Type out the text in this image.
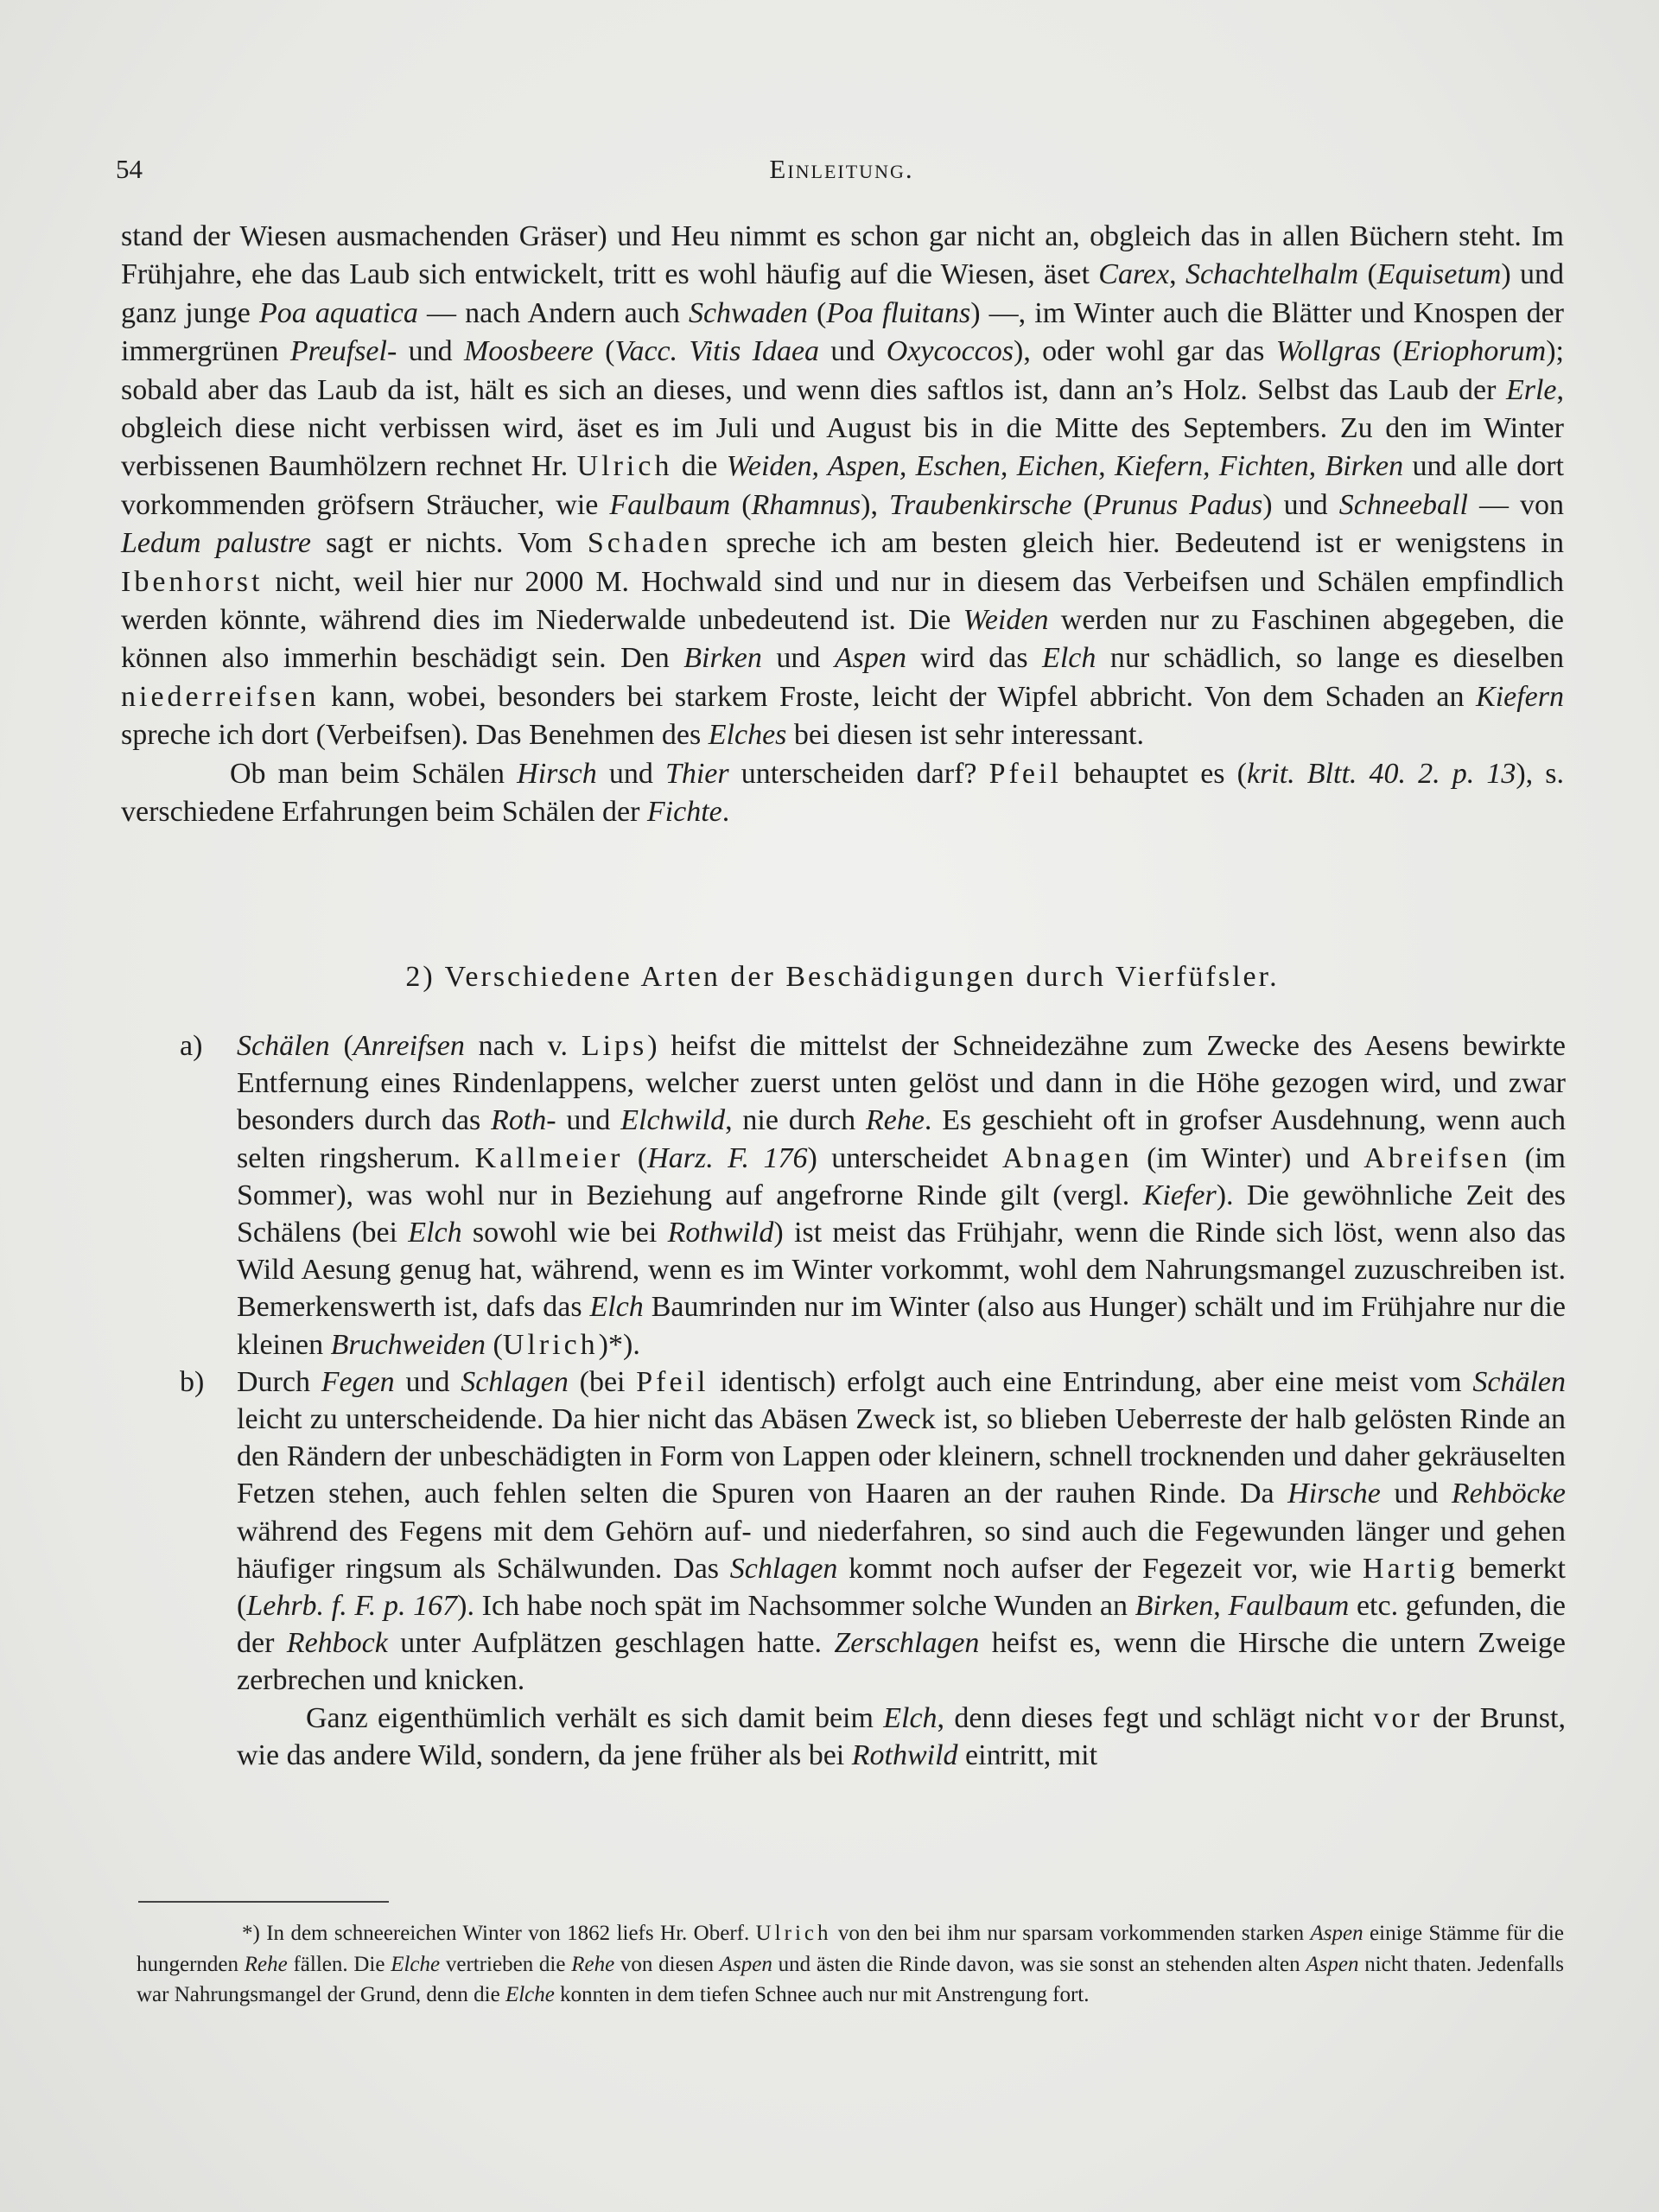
54	Einleitung.

stand der Wiesen ausmachenden Gräser) und Heu nimmt es schon gar nicht an, obgleich das in allen Büchern steht. Im Frühjahre, ehe das Laub sich entwickelt, tritt es wohl häufig auf die Wiesen, äset Carex, Schachtelhalm (Equisetum) und ganz junge Poa aquatica — nach Andern auch Schwaden (Poa fluitans) —, im Winter auch die Blätter und Knospen der immergrünen Preufsel- und Moosbeere (Vacc. Vitis Idaea und Oxycoccos), oder wohl gar das Wollgras (Eriophorum); sobald aber das Laub da ist, hält es sich an dieses, und wenn dies saftlos ist, dann an’s Holz. Selbst das Laub der Erle, obgleich diese nicht verbissen wird, äset es im Juli und August bis in die Mitte des Septembers. Zu den im Winter verbissenen Baumhölzern rechnet Hr. Ulrich die Weiden, Aspen, Eschen, Eichen, Kiefern, Fichten, Birken und alle dort vorkommenden gröfsern Sträucher, wie Faulbaum (Rhamnus), Traubenkirsche (Prunus Padus) und Schneeball — von Ledum palustre sagt er nichts. Vom Schaden spreche ich am besten gleich hier. Bedeutend ist er wenigstens in Ibenhorst nicht, weil hier nur 2000 M. Hochwald sind und nur in diesem das Verbeifsen und Schälen empfindlich werden könnte, während dies im Niederwalde unbedeutend ist. Die Weiden werden nur zu Faschinen abgegeben, die können also immerhin beschädigt sein. Den Birken und Aspen wird das Elch nur schädlich, so lange es dieselben niederreifsen kann, wobei, besonders bei starkem Froste, leicht der Wipfel abbricht. Von dem Schaden an Kiefern spreche ich dort (Verbeifsen). Das Benehmen des Elches bei diesen ist sehr interessant.

Ob man beim Schälen Hirsch und Thier unterscheiden darf? Pfeil behauptet es (krit. Bltt. 40. 2. p. 13), s. verschiedene Erfahrungen beim Schälen der Fichte.

2) Verschiedene Arten der Beschädigungen durch Vierfüfsler.
a) Schälen (Anreifsen nach v. Lips) heifst die mittelst der Schneidezähne zum Zwecke des Aesens bewirkte Entfernung eines Rindenlappens, welcher zuerst unten gelöst und dann in die Höhe gezogen wird, und zwar besonders durch das Roth- und Elchwild, nie durch Rehe. Es geschieht oft in grofser Ausdehnung, wenn auch selten ringsherum. Kallmeier (Harz. F. 176) unterscheidet Abnagen (im Winter) und Abreifsen (im Sommer), was wohl nur in Beziehung auf angefrorne Rinde gilt (vergl. Kiefer). Die gewöhnliche Zeit des Schälens (bei Elch sowohl wie bei Rothwild) ist meist das Frühjahr, wenn die Rinde sich löst, wenn also das Wild Aesung genug hat, während, wenn es im Winter vorkommt, wohl dem Nahrungsmangel zuzuschreiben ist. Bemerkenswerth ist, dafs das Elch Baumrinden nur im Winter (also aus Hunger) schält und im Frühjahre nur die kleinen Bruchweiden (Ulrich)*).

b) Durch Fegen und Schlagen (bei Pfeil identisch) erfolgt auch eine Entrindung, aber eine meist vom Schälen leicht zu unterscheidende. Da hier nicht das Abäsen Zweck ist, so blieben Ueberreste der halb gelösten Rinde an den Rändern der unbeschädigten in Form von Lappen oder kleinern, schnell trocknenden und daher gekräuselten Fetzen stehen, auch fehlen selten die Spuren von Haaren an der rauhen Rinde. Da Hirsche und Rehböcke während des Fegens mit dem Gehörn auf- und niederfahren, so sind auch die Fegewunden länger und gehen häufiger ringsum als Schälwunden. Das Schlagen kommt noch aufser der Fegezeit vor, wie Hartig bemerkt (Lehrb. f. F. p. 167). Ich habe noch spät im Nachsommer solche Wunden an Birken, Faulbaum etc. gefunden, die der Rehbock unter Aufplätzen geschlagen hatte. Zerschlagen heifst es, wenn die Hirsche die untern Zweige zerbrechen und knicken.

Ganz eigenthümlich verhält es sich damit beim Elch, denn dieses fegt und schlägt nicht vor der Brunst, wie das andere Wild, sondern, da jene früher als bei Rothwild eintritt, mit

*) In dem schneereichen Winter von 1862 liefs Hr. Oberf. Ulrich von den bei ihm nur sparsam vorkommenden starken Aspen einige Stämme für die hungernden Rehe fällen. Die Elche vertrieben die Rehe von diesen Aspen und ästen die Rinde davon, was sie sonst an stehenden alten Aspen nicht thaten. Jedenfalls war Nahrungsmangel der Grund, denn die Elche konnten in dem tiefen Schnee auch nur mit Anstrengung fort.
